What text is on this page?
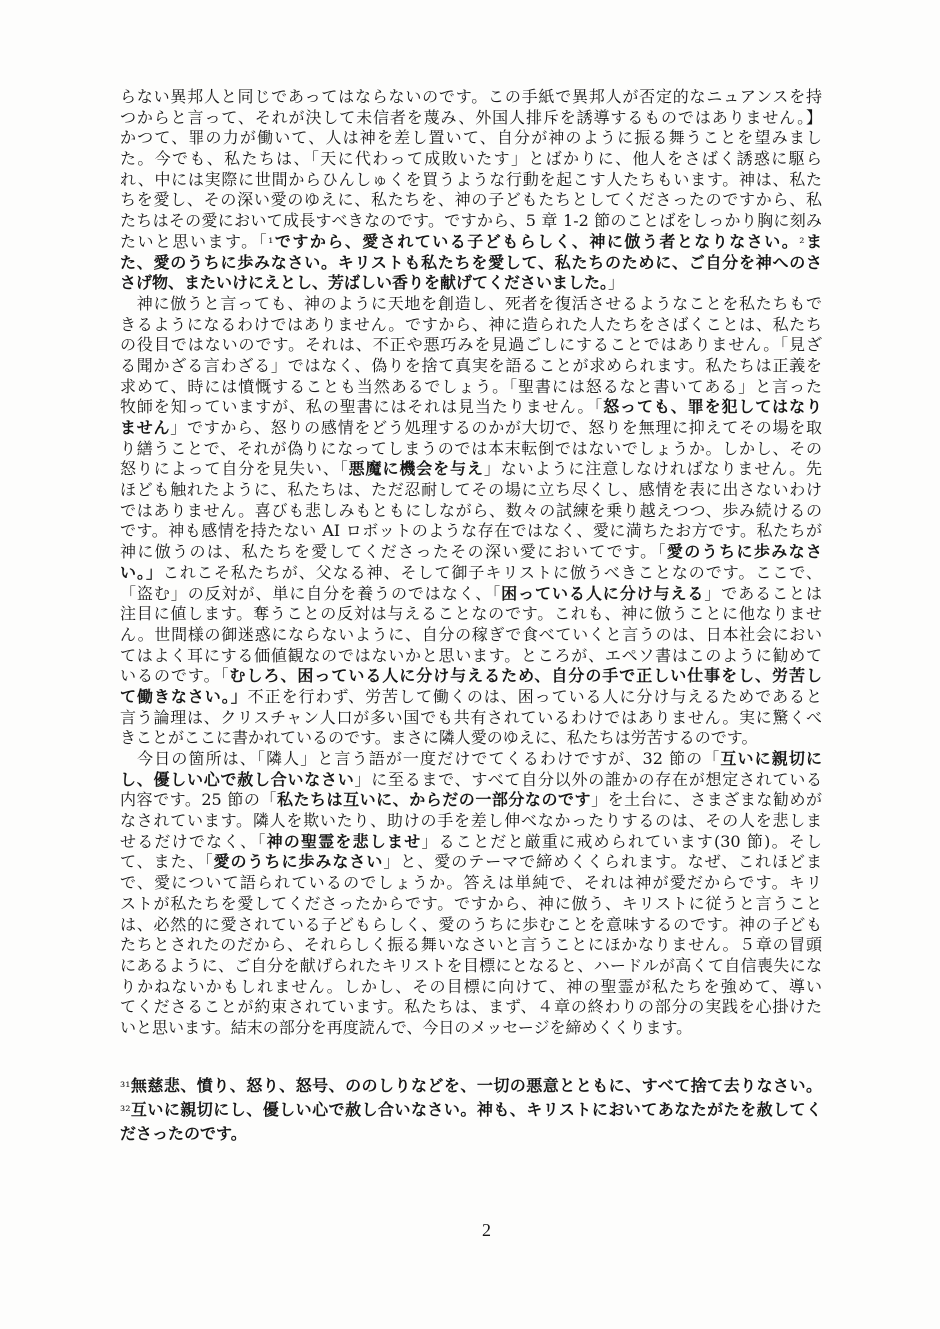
らない異邦人と同じであってはならないのです。この手紙で異邦人が否定的なニュアンスを持
つからと言って、それが決して未信者を蔑み、外国人排斥を誘導するものではありません。】
かつて、罪の力が働いて、人は神を差し置いて、自分が神のように振る舞うことを望みまし
た。今でも、私たちは、「天に代わって成敗いたす」とばかりに、他人をさばく誘惑に駆ら
れ、中には実際に世間からひんしゅくを買うような行動を起こす人たちもいます。神は、私た
ちを愛し、その深い愛のゆえに、私たちを、神の子どもたちとしてくださったのですから、私
たちはその愛において成長すべきなのです。ですから、5 章 1-2 節のことばをしっかり胸に刻み
たいと思います。「¹ですから、愛されている子どもらしく、神に倣う者となりなさい。²ま
た、愛のうちに歩みなさい。キリストも私たちを愛して、私たちのために、ご自分を神へのさ
さげ物、またいけにえとし、芳ばしい香りを献げてくださいました。」
　神に倣うと言っても、神のように天地を創造し、死者を復活させるようなことを私たちもで
きるようになるわけではありません。ですから、神に造られた人たちをさばくことは、私たち
の役目ではないのです。それは、不正や悪巧みを見過ごしにすることではありません。「見ざ
る聞かざる言わざる」ではなく、偽りを捨て真実を語ることが求められます。私たちは正義を
求めて、時には憤慨することも当然あるでしょう。「聖書には怒るなと書いてある」と言った
牧師を知っていますが、私の聖書にはそれは見当たりません。「怒っても、罪を犯してはなり
ません」ですから、怒りの感情をどう処理するのかが大切で、怒りを無理に抑えてその場を取
り繕うことで、それが偽りになってしまうのでは本末転倒ではないでしょうか。しかし、その
怒りによって自分を見失い、「悪魔に機会を与え」ないように注意しなければなりません。先
ほども触れたように、私たちは、ただ忍耐してその場に立ち尽くし、感情を表に出さないわけ
ではありません。喜びも悲しみもともにしながら、数々の試練を乗り越えつつ、歩み続けるの
です。神も感情を持たない AI ロボットのような存在ではなく、愛に満ちたお方です。私たちが
神に倣うのは、私たちを愛してくださったその深い愛においてです。「愛のうちに歩みなさ
い。」これこそ私たちが、父なる神、そして御子キリストに倣うべきことなのです。ここで、
「盗む」の反対が、単に自分を養うのではなく、「困っている人に分け与える」であることは
注目に値します。奪うことの反対は与えることなのです。これも、神に倣うことに他なりませ
ん。世間様の御迷惑にならないように、自分の稼ぎで食べていくと言うのは、日本社会におい
てはよく耳にする価値観なのではないかと思います。ところが、エペソ書はこのように勧めて
いるのです。「むしろ、困っている人に分け与えるため、自分の手で正しい仕事をし、労苦し
て働きなさい。」不正を行わず、労苦して働くのは、困っている人に分け与えるためであると
言う論理は、クリスチャン人口が多い国でも共有されているわけではありません。実に驚くべ
きことがここに書かれているのです。まさに隣人愛のゆえに、私たちは労苦するのです。
　今日の箇所は、「隣人」と言う語が一度だけでてくるわけですが、32 節の「互いに親切に
し、優しい心で赦し合いなさい」に至るまで、すべて自分以外の誰かの存在が想定されている
内容です。25 節の「私たちは互いに、からだの一部分なのです」を土台に、さまざまな勧めが
なされています。隣人を欺いたり、助けの手を差し伸べなかったりするのは、その人を悲しま
せるだけでなく、「神の聖霊を悲しませ」ることだと厳重に戒められています(30 節)。そし
て、また、「愛のうちに歩みなさい」と、愛のテーマで締めくくられます。なぜ、これほどま
で、愛について語られているのでしょうか。答えは単純で、それは神が愛だからです。キリ
ストが私たちを愛してくださったからです。ですから、神に倣う、キリストに従うと言うこと
は、必然的に愛されている子どもらしく、愛のうちに歩むことを意味するのです。神の子ども
たちとされたのだから、それらしく振る舞いなさいと言うことにほかなりません。５章の冒頭
にあるように、ご自分を献げられたキリストを目標にとなると、ハードルが高くて自信喪失にな
りかねないかもしれません。しかし、その目標に向けて、神の聖霊が私たちを強めて、導い
てくださることが約束されています。私たちは、まず、４章の終わりの部分の実践を心掛けた
いと思います。結末の部分を再度読んで、今日のメッセージを締めくくります。
³¹無慈悲、憤り、怒り、怒号、ののしりなどを、一切の悪意とともに、すべて捨て去りなさい。
³²互いに親切にし、優しい心で赦し合いなさい。神も、キリストにおいてあなたがたを赦してく
ださったのです。
2
